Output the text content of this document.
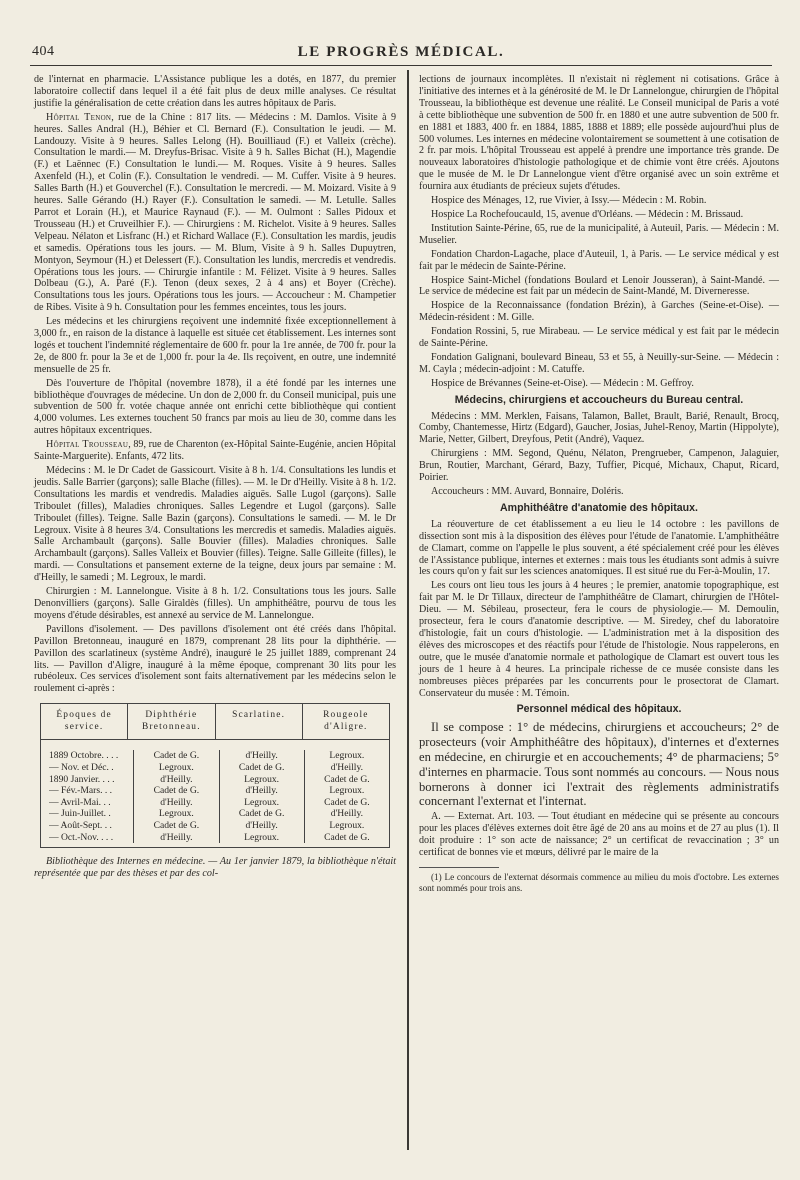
404	LE PROGRÈS MÉDICAL.

de l'internat en pharmacie. L'Assistance publique les a dotés, en 1877, du premier laboratoire collectif dans lequel il a été fait plus de deux mille analyses. Ce résultat justifie la généralisation de cette création dans les autres hôpitaux de Paris.

Hôpital Tenon, rue de la Chine : 817 lits. — Médecins : M. Damlos. Visite à 9 heures. Salles Andral (H.), Béhier et Cl. Bernard (F.). Consultation le jeudi. — M. Landouzy. Visite à 9 heures. Salles Lelong (H). Bouilliaud (F.) et Valleix (crèche). Consultation le mardi.— M. Dreyfus-Brisac. Visite à 9 h. Salles Bichat (H.), Magendie (F.) et Laënnec (F.) Consultation le lundi.— M. Roques. Visite à 9 heures. Salles Axenfeld (H.), et Colin (F.). Consultation le vendredi. — M. Cuffer. Visite à 9 heures. Salles Barth (H.) et Gouverchel (F.). Consultation le mercredi. — M. Moizard. Visite à 9 heures. Salle Gérando (H.) Rayer (F.). Consultation le samedi. — M. Letulle. Salles Parrot et Lorain (H.), et Maurice Raynaud (F.). — M. Oulmont : Salles Pidoux et Trousseau (H.) et Cruveilhier F.). — Chirurgiens : M. Richelot. Visite à 9 heures. Salles Velpeau. Nélaton et Lisfranc (H.) et Richard Wallace (F.). Consultation les mardis, jeudis et samedis. Opérations tous les jours. — M. Blum, Visite à 9 h. Salles Dupuytren, Montyon, Seymour (H.) et Delessert (F.). Consultation les lundis, mercredis et vendredis. Opérations tous les jours. — Chirurgie infantile : M. Félizet. Visite à 9 heures. Salles Dolbeau (G.), A. Paré (F.). Tenon (deux sexes, 2 à 4 ans) et Boyer (Crèche). Consultations tous les jours. Opérations tous les jours. — Accoucheur : M. Champetier de Ribes. Visite à 9 h. Consultation pour les femmes enceintes, tous les jours.

Les médecins et les chirurgiens reçoivent une indemnité fixée exceptionnellement à 3,000 fr., en raison de la distance à laquelle est située cet établissement. Les internes sont logés et touchent l'indemnité réglementaire de 600 fr. pour la 1re année, de 700 fr. pour la 2e, de 800 fr. pour la 3e et de 1,000 fr. pour la 4e. Ils reçoivent, en outre, une indemnité mensuelle de 25 fr.

Dès l'ouverture de l'hôpital (novembre 1878), il a été fondé par les internes une bibliothèque d'ouvrages de médecine. Un don de 2,000 fr. du Conseil municipal, puis une subvention de 500 fr. votée chaque année ont enrichi cette bibliothèque qui contient 4,000 volumes. Les externes touchent 50 francs par mois au lieu de 30, comme dans les autres hôpitaux excentriques.

Hôpital Trousseau, 89, rue de Charenton (ex-Hôpital Sainte-Eugénie, ancien Hôpital Sainte-Marguerite). Enfants, 472 lits.

Médecins : M. le Dr Cadet de Gassicourt. Visite à 8 h. 1/4. Consultations les lundis et jeudis. Salle Barrier (garçons); salle Blache (filles). — M. le Dr d'Heilly. Visite à 8 h. 1/2. Consultations les mardis et vendredis. Maladies aiguës. Salle Lugol (garçons). Salle Triboulet (filles), Maladies chroniques. Salles Legendre et Lugol (garçons). Salle Triboulet (filles). Teigne. Salle Bazin (garçons). Consultations le samedi. — M. le Dr Legroux. Visite à 8 heures 3/4. Consultations les mercredis et samedis. Maladies aiguës. Salle Archambault (garçons). Salle Bouvier (filles). Maladies chroniques. Salle Archambault (garçons). Salles Valleix et Bouvier (filles). Teigne. Salle Gilleite (filles), le mardi. — Consultations et pansement externe de la teigne, deux jours par semaine : M. d'Heilly, le samedi ; M. Legroux, le mardi.

Chirurgien : M. Lannelongue. Visite à 8 h. 1/2. Consultations tous les jours. Salle Denonvilliers (garçons). Salle Giraldès (filles). Un amphithéâtre, pourvu de tous les moyens d'étude désirables, est annexé au service de M. Lannelongue.

Pavillons d'isolement. — Des pavillons d'isolement ont été créés dans l'hôpital. Pavillon Bretonneau, inauguré en 1879, comprenant 28 lits pour la diphthérie. — Pavillon des scarlatineux (système André), inauguré le 25 juillet 1889, comprenant 24 lits. — Pavillon d'Aligre, inauguré à la même époque, comprenant 30 lits pour les rubéoleux. Ces services d'isolement sont faits alternativement par les médecins selon le roulement ci-après :

Époques de service.
Diphthérie Bretonneau.
Scarlatine.	Rougeole d'Aligre.
1889 Octobre. . . .
— Nov. et Déc. .
1890 Janvier. . . .
— Fév.-Mars. . .
— Avril-Mai. . .
— Juin-Juillet. .
— Août-Sept. . .
— Oct.-Nov. . . .
Cadet de G.
Legroux.
d'Heilly.
Cadet de G.
d'Heilly.
Legroux.
Cadet de G.
d'Heilly.
d'Heilly.
Cadet de G.
Legroux.
d'Heilly.
Legroux.
Cadet de G.
d'Heilly.
Legroux.
Legroux.
d'Heilly.
Cadet de G.
Legroux.
Cadet de G.
d'Heilly.
Legroux.
Cadet de G.

Bibliothèque des Internes en médecine. — Au 1er janvier 1879, la bibliothèque n'était représentée que par des thèses et par des col-

lections de journaux incomplètes. Il n'existait ni règlement ni cotisations. Grâce à l'initiative des internes et à la générosité de M. le Dr Lannelongue, chirurgien de l'hôpital Trousseau, la bibliothèque est devenue une réalité. Le Conseil municipal de Paris a voté à cette bibliothèque une subvention de 500 fr. en 1880 et une autre subvention de 500 fr. en 1881 et 1883, 400 fr. en 1884, 1885, 1888 et 1889; elle possède aujourd'hui plus de 500 volumes. Les internes en médecine volontairement se soumettent à une cotisation de 2 fr. par mois. L'hôpital Trousseau est appelé à prendre une importance très grande. De nouveaux laboratoires d'histologie pathologique et de chimie vont être créés. Ajoutons que le musée de M. le Dr Lannelongue vient d'être organisé avec un soin extrême et fournira aux étudiants de précieux sujets d'études.

Hospice des Ménages, 12, rue Vivier, à Issy.— Médecin : M. Robin.

Hospice La Rochefoucauld, 15, avenue d'Orléans. — Médecin : M. Brissaud.

Institution Sainte-Périne, 65, rue de la municipalité, à Auteuil, Paris. — Médecin : M. Muselier.

Fondation Chardon-Lagache, place d'Auteuil, 1, à Paris. — Le service médical y est fait par le médecin de Sainte-Périne.

Hospice Saint-Michel (fondations Boulard et Lenoir Jousseran), à Saint-Mandé. — Le service de médecine est fait par un médecin de Saint-Mandé, M. Diverneresse.

Hospice de la Reconnaissance (fondation Brézin), à Garches (Seine-et-Oise). — Médecin-résident : M. Gille.

Fondation Rossini, 5, rue Mirabeau. — Le service médical y est fait par le médecin de Sainte-Périne.

Fondation Galignani, boulevard Bineau, 53 et 55, à Neuilly-sur-Seine. — Médecin : M. Cayla ; médecin-adjoint : M. Catuffe.

Hospice de Brévannes (Seine-et-Oise). — Médecin : M. Geffroy.

Médecins, chirurgiens et accoucheurs du Bureau central.

Médecins : MM. Merklen, Faisans, Talamon, Ballet, Brault, Barié, Renault, Brocq, Comby, Chantemesse, Hirtz (Edgard), Gaucher, Josias, Juhel-Renoy, Martin (Hippolyte), Marie, Netter, Gilbert, Dreyfous, Petit (André), Vaquez.

Chirurgiens : MM. Segond, Quénu, Nélaton, Prengrueber, Campenon, Jalaguier, Brun, Routier, Marchant, Gérard, Bazy, Tuffier, Picqué, Michaux, Chaput, Ricard, Poirier.

Accoucheurs : MM. Auvard, Bonnaire, Doléris.

Amphithéâtre d'anatomie des hôpitaux.

La réouverture de cet établissement a eu lieu le 14 octobre : les pavillons de dissection sont mis à la disposition des élèves pour l'étude de l'anatomie. L'amphithéâtre de Clamart, comme on l'appelle le plus souvent, a été spécialement créé pour les élèves de l'Assistance publique, internes et externes : mais tous les étudiants sont admis à suivre les cours qu'on y fait sur les sciences anatomiques. Il est situé rue du Fer-à-Moulin, 17.

Les cours ont lieu tous les jours à 4 heures ; le premier, anatomie topographique, est fait par M. le Dr Tillaux, directeur de l'amphithéâtre de Clamart, chirurgien de l'Hôtel-Dieu. — M. Sébileau, prosecteur, fera le cours de physiologie.— M. Demoulin, prosecteur, fera le cours d'anatomie descriptive. — M. Siredey, chef du laboratoire d'histologie, fait un cours d'histologie. — L'administration met à la disposition des élèves des microscopes et des réactifs pour l'étude de l'histologie. Nous rappelerons, en outre, que le musée d'anatomie normale et pathologique de Clamart est ouvert tous les jours de 1 heure à 4 heures. La principale richesse de ce musée consiste dans les nombreuses pièces préparées par les concurrents pour le prosectorat de Clamart. Conservateur du musée : M. Témoin.

Personnel médical des hôpitaux.

Il se compose : 1° de médecins, chirurgiens et accoucheurs; 2° de prosecteurs (voir Amphithéâtre des hôpitaux), d'internes et d'externes en médecine, en chirurgie et en accouchements; 4° de pharmaciens; 5° d'internes en pharmacie. Tous sont nommés au concours. — Nous nous bornerons à donner ici l'extrait des règlements administratifs concernant l'externat et l'internat.

A. — Externat. Art. 103. — Tout étudiant en médecine qui se présente au concours pour les places d'élèves externes doit être âgé de 20 ans au moins et de 27 au plus (1). Il doit produire : 1° son acte de naissance; 2° un certificat de revaccination ; 3° un certificat de bonnes vie et mœurs, délivré par le maire de la

(1) Le concours de l'externat désormais commence au milieu du mois d'octobre. Les externes sont nommés pour trois ans.
